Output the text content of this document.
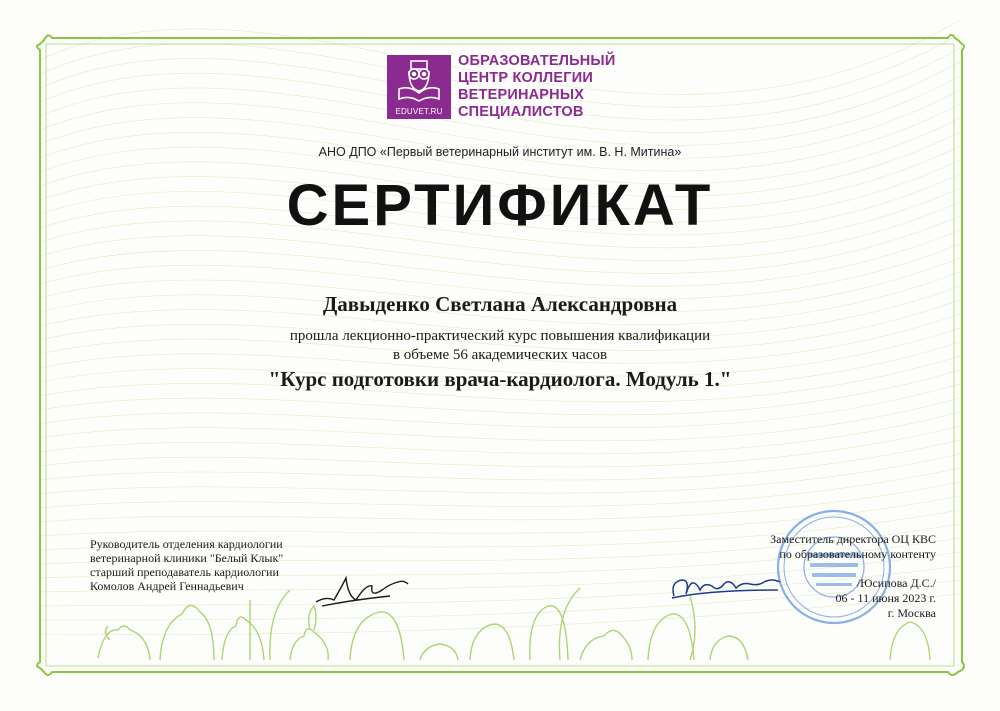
EDUVET.RU
ОБРАЗОВАТЕЛЬНЫЙ
ЦЕНТР КОЛЛЕГИИ
ВЕТЕРИНАРНЫХ
СПЕЦИАЛИСТОВ
АНО ДПО «Первый ветеринарный институт им. В. Н. Митина»
СЕРТИФИКАТ
Давыденко Светлана Александровна
прошла лекционно-практический курс повышения квалификации
в объеме 56 академических часов
"Курс подготовки врача-кардиолога. Модуль 1."
Руководитель отделения кардиологии
ветеринарной клиники "Белый Клык"
старший преподаватель кардиологии
Комолов Андрей Геннадьевич
Заместитель директора ОЦ КВС
по образовательному контенту
/Юсипова Д.С./
06 - 11 июня 2023 г.
г. Москва
